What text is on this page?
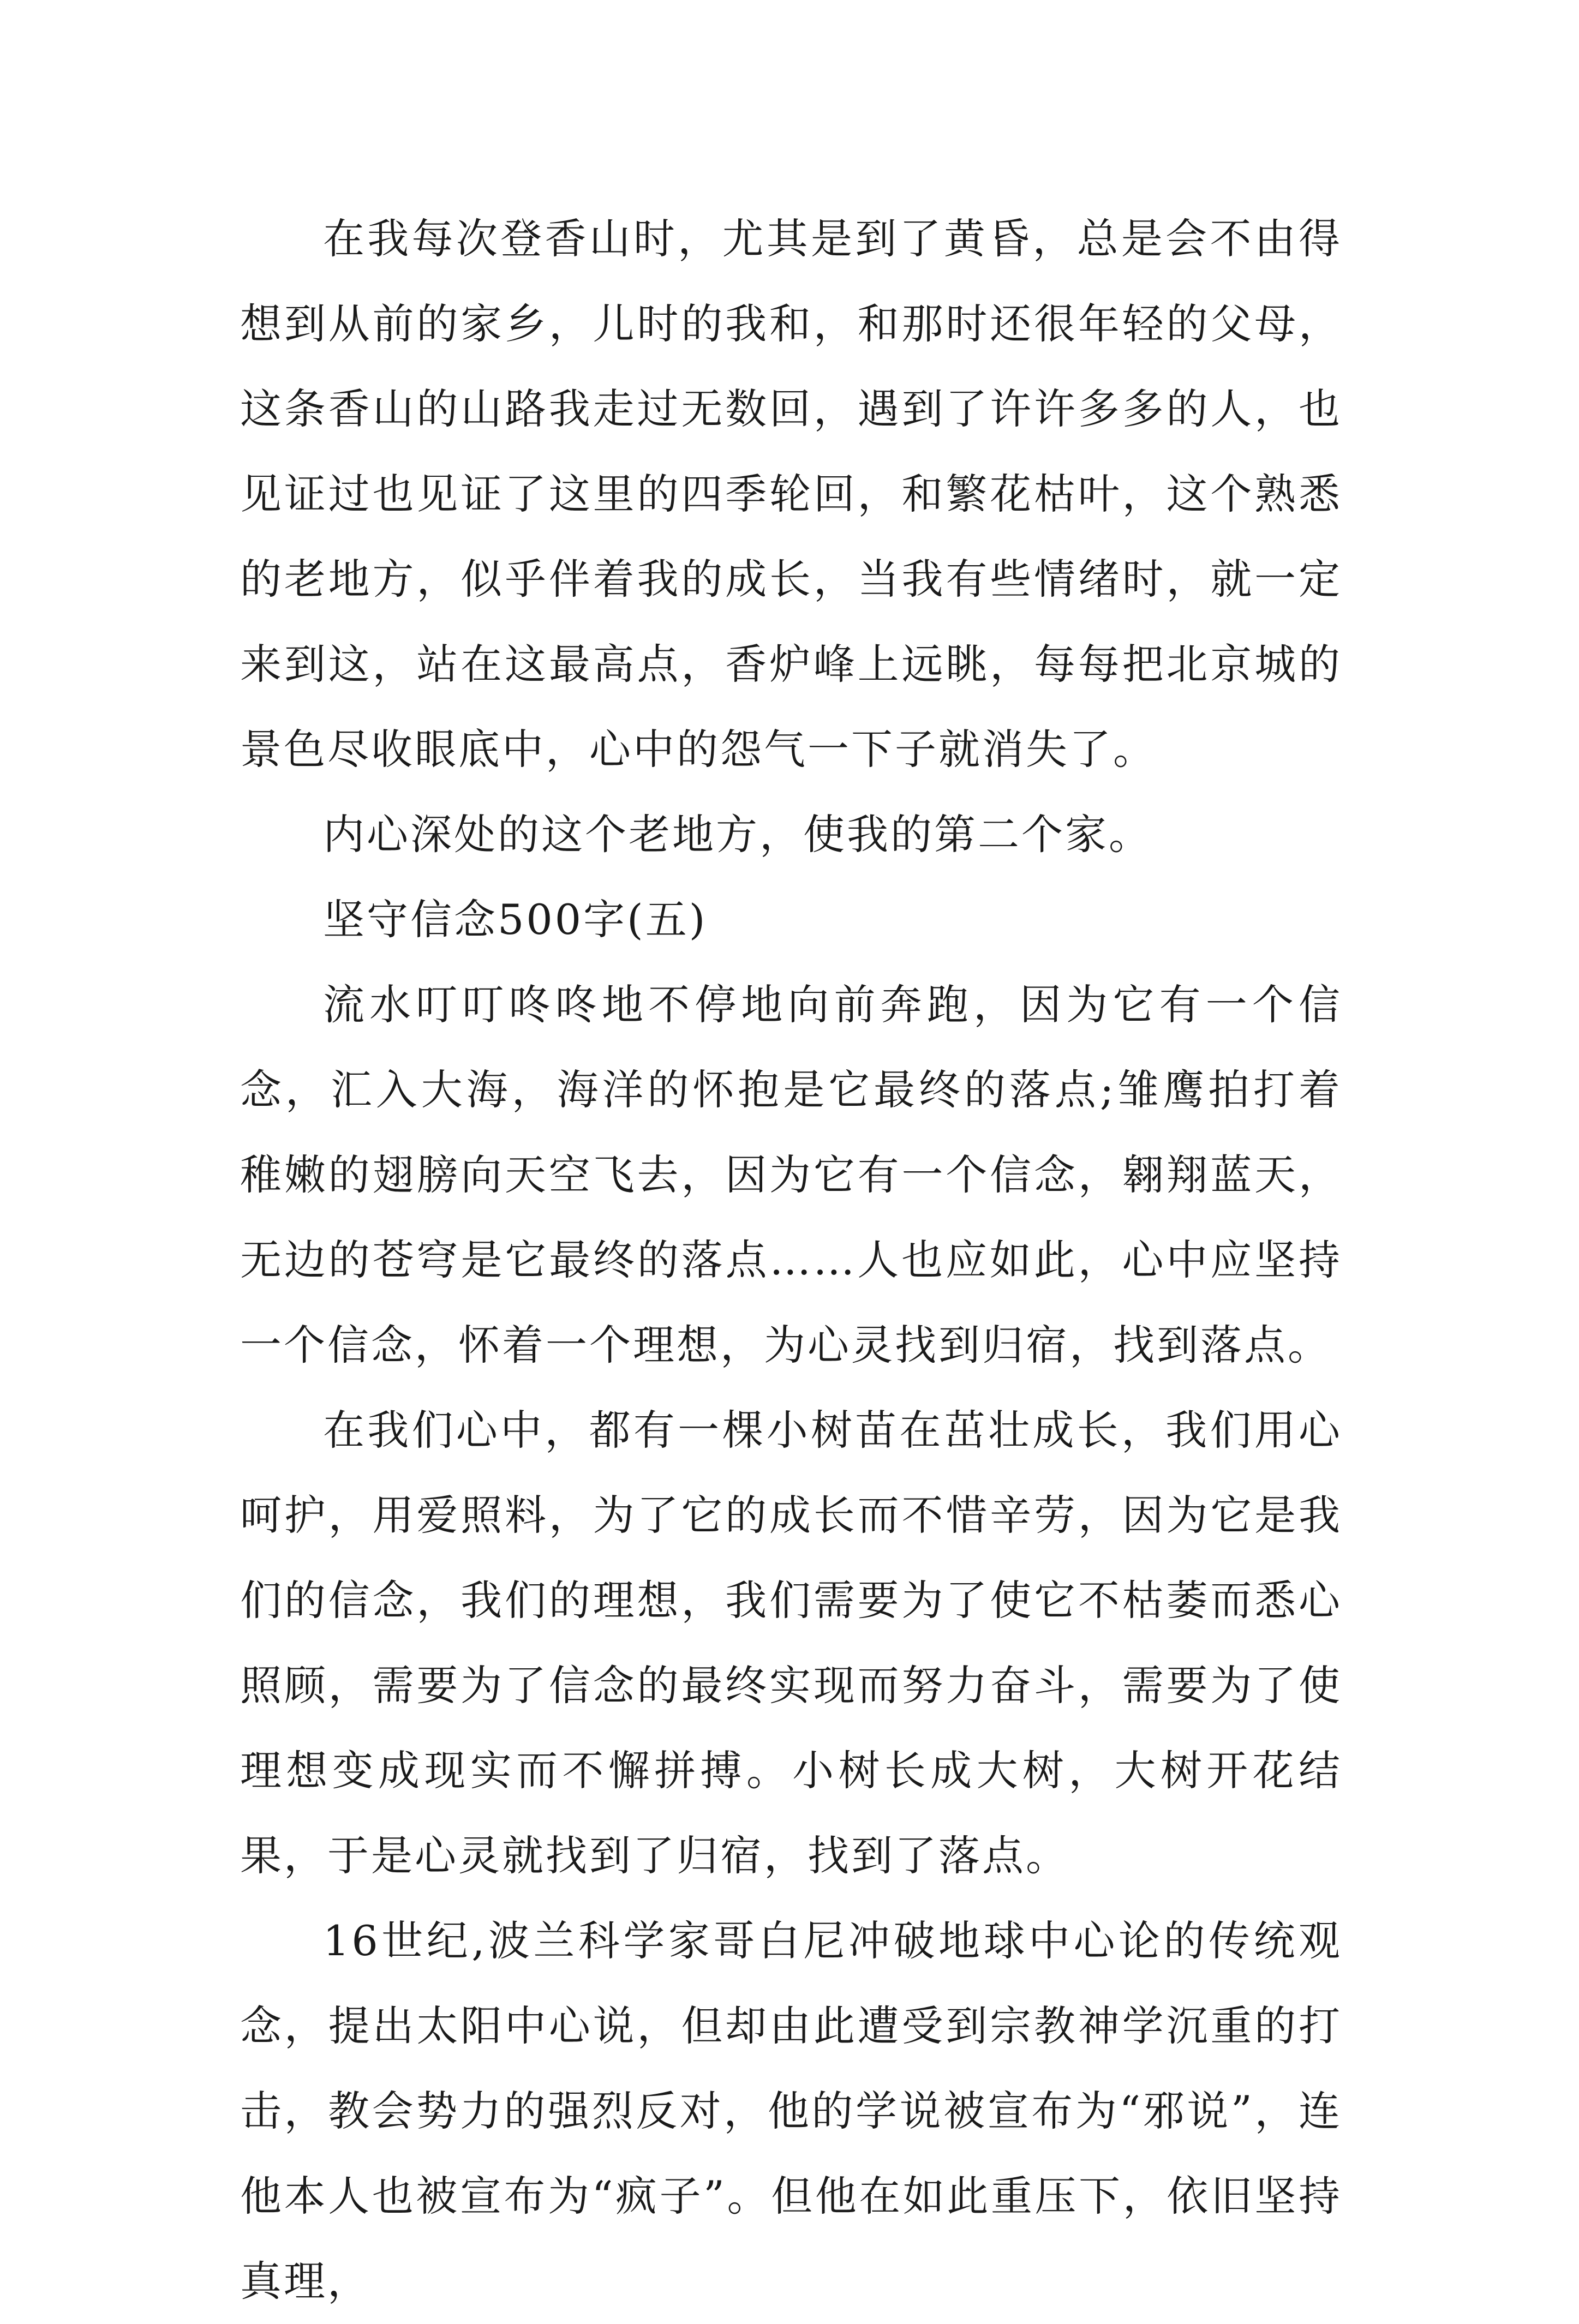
在我每次登香山时，尤其是到了黄昏，总是会不由得想到从前的家乡，儿时的我和，和那时还很年轻的父母，这条香山的山路我走过无数回，遇到了许许多多的人，也见证过也见证了这里的四季轮回，和繁花枯叶，这个熟悉的老地方，似乎伴着我的成长，当我有些情绪时，就一定来到这，站在这最高点，香炉峰上远眺，每每把北京城的景色尽收眼底中，心中的怨气一下子就消失了。

内心深处的这个老地方，使我的第二个家。

坚守信念500字(五)

流水叮叮咚咚地不停地向前奔跑，因为它有一个信念，汇入大海，海洋的怀抱是它最终的落点;雏鹰拍打着稚嫩的翅膀向天空飞去，因为它有一个信念，翱翔蓝天，无边的苍穹是它最终的落点……人也应如此，心中应坚持一个信念，怀着一个理想，为心灵找到归宿，找到落点。

在我们心中，都有一棵小树苗在茁壮成长，我们用心呵护，用爱照料，为了它的成长而不惜辛劳，因为它是我们的信念，我们的理想，我们需要为了使它不枯萎而悉心照顾，需要为了信念的最终实现而努力奋斗，需要为了使理想变成现实而不懈拼搏。小树长成大树，大树开花结果，于是心灵就找到了归宿，找到了落点。

16世纪,波兰科学家哥白尼冲破地球中心论的传统观念，提出太阳中心说，但却由此遭受到宗教神学沉重的打击，教会势力的强烈反对，他的学说被宣布为“邪说”，连他本人也被宣布为“疯子”。但他在如此重压下，依旧坚持真理，
